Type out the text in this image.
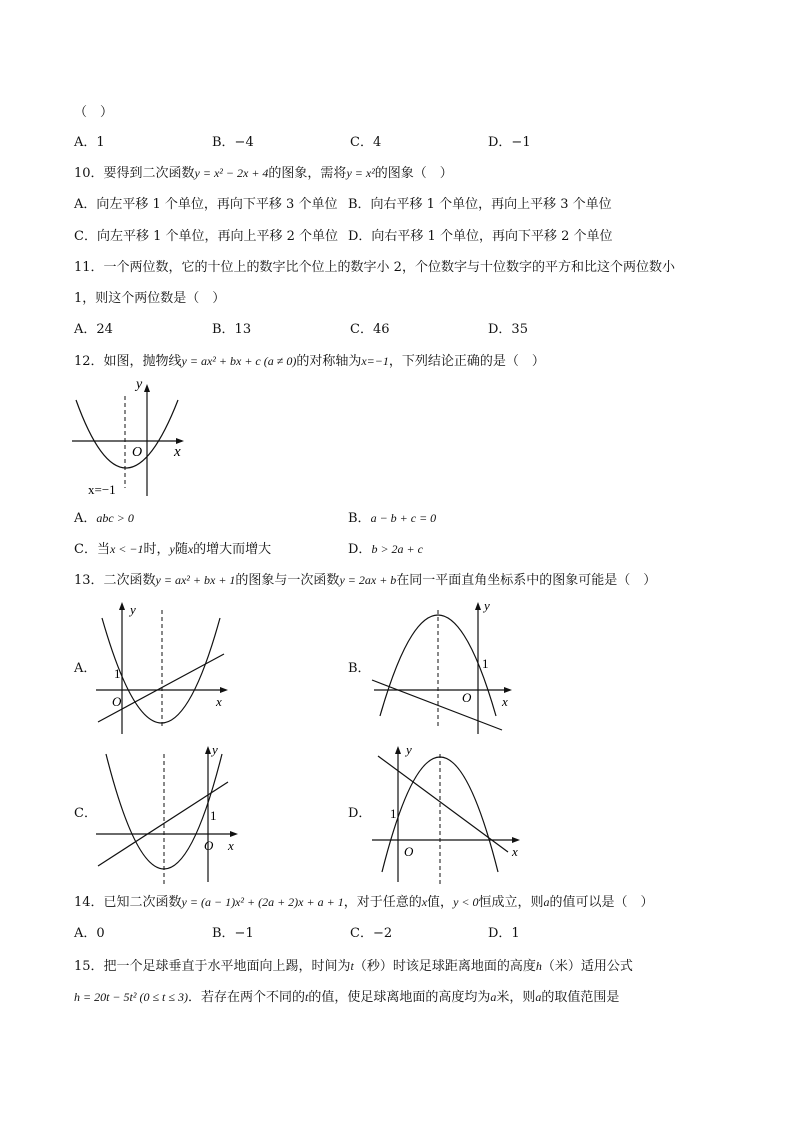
（　）
A．1	B．−4	C．4	D．−1
10．要得到二次函数y = x² − 2x + 4的图象，需将y = x²的图象（　）
A．向左平移 1 个单位，再向下平移 3 个单位 B．向右平移 1 个单位，再向上平移 3 个单位
C．向左平移 1 个单位，再向上平移 2 个单位 D．向右平移 1 个单位，再向下平移 2 个单位
11．一个两位数，它的十位上的数字比个位上的数字小 2，个位数字与十位数字的平方和比这个两位数小
1，则这个两位数是（　）
A．24	B．13	C．46	D．35
12．如图，抛物线y = ax² + bx + c (a ≠ 0)的对称轴为x=−1，下列结论正确的是（　）
y
x
O
x=−1
A．abc > 0	B．a − b + c = 0
C．当x < −1时，y随x的增大而增大	D．b > 2a + c
13．二次函数y = ax² + bx + 1的图象与一次函数y = 2ax + b在同一平面直角坐标系中的图象可能是（　）
A．
y
x
O
1	B．
y
x
O
1
C．
y
x
O
1	D．
y
x
O
1
14．已知二次函数y = (a − 1)x² + (2a + 2)x + a + 1，对于任意的x值，y < 0恒成立，则a的值可以是（　）
A．0	B．−1	C．−2	D．1
15．把一个足球垂直于水平地面向上踢，时间为t（秒）时该足球距离地面的高度h（米）适用公式
h = 20t − 5t² (0 ≤ t ≤ 3)．若存在两个不同的t的值，使足球离地面的高度均为a米，则a的取值范围是
